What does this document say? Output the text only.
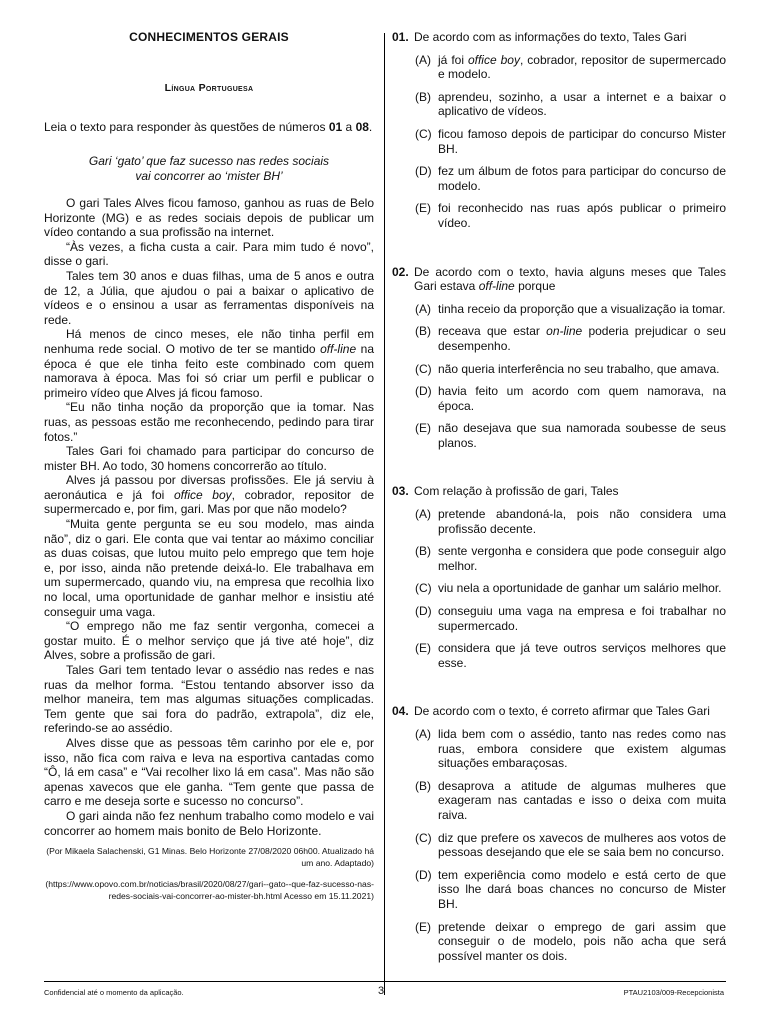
CONHECIMENTOS GERAIS
Língua Portuguesa
Leia o texto para responder às questões de números 01 a 08.
Gari ‘gato’ que faz sucesso nas redes sociais
vai concorrer ao ‘mister BH’

O gari Tales Alves ficou famoso, ganhou as ruas de Belo Horizonte (MG) e as redes sociais depois de publicar um vídeo contando a sua profissão na internet.

“Às vezes, a ficha custa a cair. Para mim tudo é novo”, disse o gari.

Tales tem 30 anos e duas filhas, uma de 5 anos e outra de 12, a Júlia, que ajudou o pai a baixar o aplicativo de vídeos e o ensinou a usar as ferramentas disponíveis na rede.

Há menos de cinco meses, ele não tinha perfil em nenhuma rede social. O motivo de ter se mantido off-line na época é que ele tinha feito este combinado com quem namorava à época. Mas foi só criar um perfil e publicar o primeiro vídeo que Alves já ficou famoso.

“Eu não tinha noção da proporção que ia tomar. Nas ruas, as pessoas estão me reconhecendo, pedindo para tirar fotos.”

Tales Gari foi chamado para participar do concurso de mister BH. Ao todo, 30 homens concorrerão ao título.

Alves já passou por diversas profissões. Ele já serviu à aeronáutica e já foi office boy, cobrador, repositor de supermercado e, por fim, gari. Mas por que não modelo?

“Muita gente pergunta se eu sou modelo, mas ainda não”, diz o gari. Ele conta que vai tentar ao máximo conciliar as duas coisas, que lutou muito pelo emprego que tem hoje e, por isso, ainda não pretende deixá-lo. Ele trabalhava em um supermercado, quando viu, na empresa que recolhia lixo no local, uma oportunidade de ganhar melhor e insistiu até conseguir uma vaga.

“O emprego não me faz sentir vergonha, comecei a gostar muito. É o melhor serviço que já tive até hoje”, diz Alves, sobre a profissão de gari.

Tales Gari tem tentado levar o assédio nas redes e nas ruas da melhor forma. “Estou tentando absorver isso da melhor maneira, tem mas algumas situações complicadas. Tem gente que sai fora do padrão, extrapola”, diz ele, referindo-se ao assédio.

Alves disse que as pessoas têm carinho por ele e, por isso, não fica com raiva e leva na esportiva cantadas como “Ô, lá em casa” e “Vai recolher lixo lá em casa”. Mas não são apenas xavecos que ele ganha. “Tem gente que passa de carro e me deseja sorte e sucesso no concurso”.

O gari ainda não fez nenhum trabalho como modelo e vai concorrer ao homem mais bonito de Belo Horizonte.

(Por Mikaela Salachenski, G1 Minas. Belo Horizonte 27/08/2020 06h00. Atualizado há um ano. Adaptado)
(https://www.opovo.com.br/noticias/brasil/2020/08/27/gari--gato--que-faz-sucesso-nas-redes-sociais-vai-concorrer-ao-mister-bh.html Acesso em 15.11.2021)
01. De acordo com as informações do texto, Tales Gari
(A) já foi office boy, cobrador, repositor de supermercado e modelo.
(B) aprendeu, sozinho, a usar a internet e a baixar o aplicativo de vídeos.
(C) ficou famoso depois de participar do concurso Mister BH.
(D) fez um álbum de fotos para participar do concurso de modelo.
(E) foi reconhecido nas ruas após publicar o primeiro vídeo.
02. De acordo com o texto, havia alguns meses que Tales Gari estava off-line porque
(A) tinha receio da proporção que a visualização ia tomar.
(B) receava que estar on-line poderia prejudicar o seu desempenho.
(C) não queria interferência no seu trabalho, que amava.
(D) havia feito um acordo com quem namorava, na época.
(E) não desejava que sua namorada soubesse de seus planos.
03. Com relação à profissão de gari, Tales
(A) pretende abandoná-la, pois não considera uma profissão decente.
(B) sente vergonha e considera que pode conseguir algo melhor.
(C) viu nela a oportunidade de ganhar um salário melhor.
(D) conseguiu uma vaga na empresa e foi trabalhar no supermercado.
(E) considera que já teve outros serviços melhores que esse.
04. De acordo com o texto, é correto afirmar que Tales Gari
(A) lida bem com o assédio, tanto nas redes como nas ruas, embora considere que existem algumas situações embaraçosas.
(B) desaprova a atitude de algumas mulheres que exageram nas cantadas e isso o deixa com muita raiva.
(C) diz que prefere os xavecos de mulheres aos votos de pessoas desejando que ele se saia bem no concurso.
(D) tem experiência como modelo e está certo de que isso lhe dará boas chances no concurso de Mister BH.
(E) pretende deixar o emprego de gari assim que conseguir o de modelo, pois não acha que será possível manter os dois.
Confidencial até o momento da aplicação.	3	PTAU2103/009-Recepcionista
